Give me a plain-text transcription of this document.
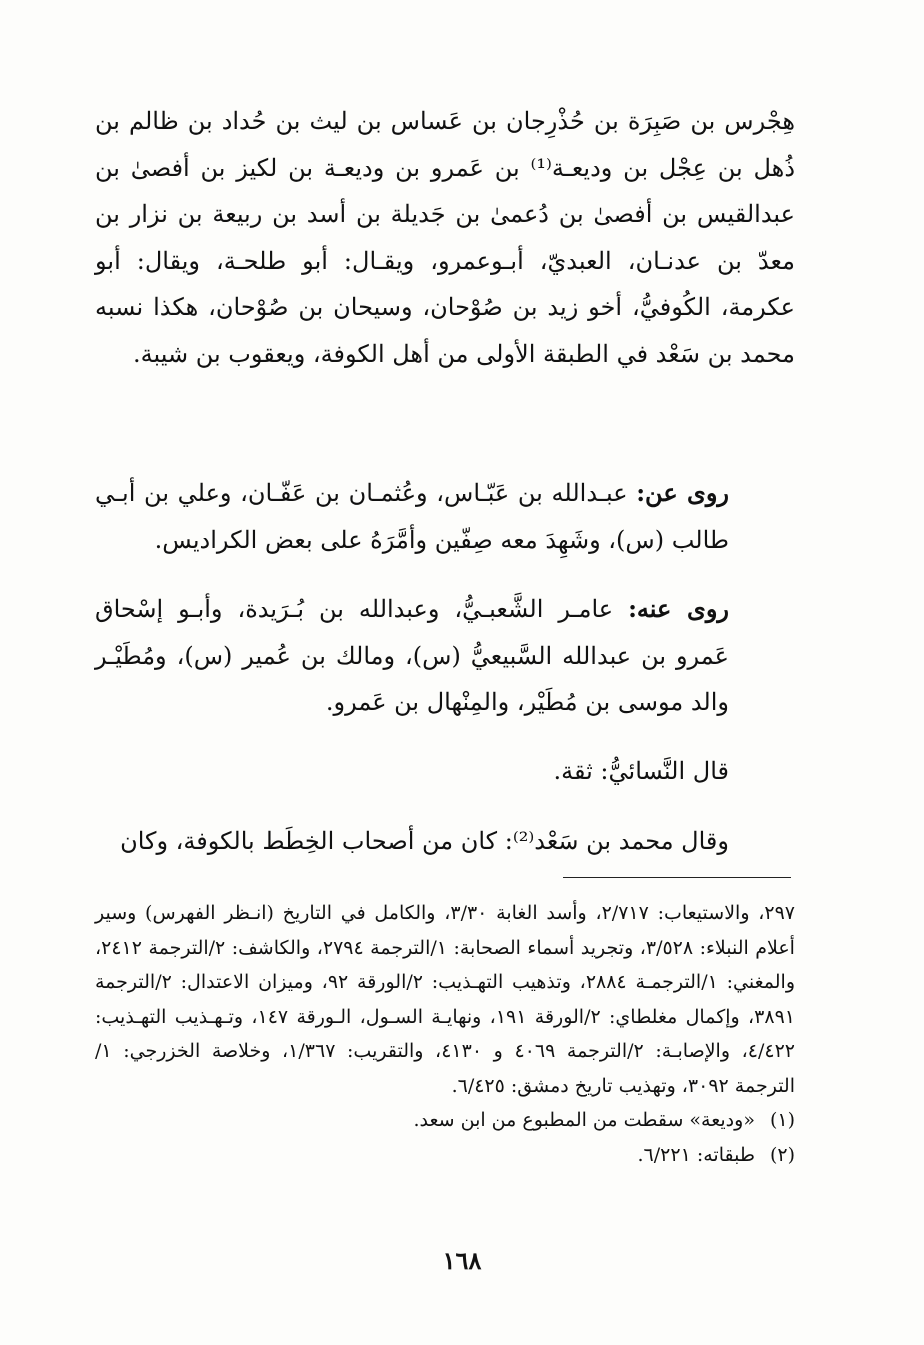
هِجْرس بن صَبِرَة بن حُذْرِجان بن عَساس بن ليث بن حُداد بن ظالم بن ذُهل بن عِجْل بن وديعـة⁽¹⁾ بن عَمرو بن وديعـة بن لكيز بن أفصىٰ بن عبدالقيس بن أفصىٰ بن دُعمىٰ بن جَديلة بن أسد بن ربيعة بن نزار بن معدّ بن عدنـان، العبديّ، أبـوعمرو، ويقـال: أبو طلحـة، ويقال: أبو عكرمة، الكُوفيُّ، أخو زيد بن صُوْحان، وسيحان بن صُوْحان، هكذا نسبه محمد بن سَعْد في الطبقة الأولى من أهل الكوفة، ويعقوب بن شيبة.

روى عن: عبـدالله بن عَبّـاس، وعُثمـان بن عَفّـان، وعلي بن أبـي طالب (س)، وشَهِدَ معه صِفّين وأمَّرَهُ على بعض الكراديس.

روى عنه: عامـر الشَّعبـيُّ، وعبدالله بن بُـرَيدة، وأبـو إسْحاق عَمرو بن عبدالله السَّبيعيُّ (س)، ومالك بن عُمير (س)، ومُطَيْـر والد موسى بن مُطَيْر، والمِنْهال بن عَمرو.

قال النَّسائيُّ: ثقة.

وقال محمد بن سَعْد⁽²⁾: كان من أصحاب الخِطَط بالكوفة، وكان

٢٩٧، والاستيعاب: ٢/٧١٧، وأسد الغابة ٣/٣٠، والكامل في التاريخ (انـظر الفهرس) وسير أعلام النبلاء: ٣/٥٢٨، وتجريد أسماء الصحابة: ١/الترجمة ٢٧٩٤، والكاشف: ٢/الترجمة ٢٤١٢، والمغني: ١/الترجمـة ٢٨٨٤، وتذهيب التهـذيب: ٢/الورقة ٩٢، وميزان الاعتدال: ٢/الترجمة ٣٨٩١، وإكمال مغلطاي: ٢/الورقة ١٩١، ونهايـة السـول، الـورقة ١٤٧، وتـهـذيب التهـذيب: ٤/٤٢٢، والإصابـة: ٢/الترجمة ٤٠٦٩ و ٤١٣٠، والتقريب: ١/٣٦٧، وخلاصة الخزرجي: ١/الترجمة ٣٠٩٢، وتهذيب تاريخ دمشق: ٦/٤٢٥.

(١) «وديعة» سقطت من المطبوع من ابن سعد.

(٢) طبقاته: ٦/٢٢١.

١٦٨
